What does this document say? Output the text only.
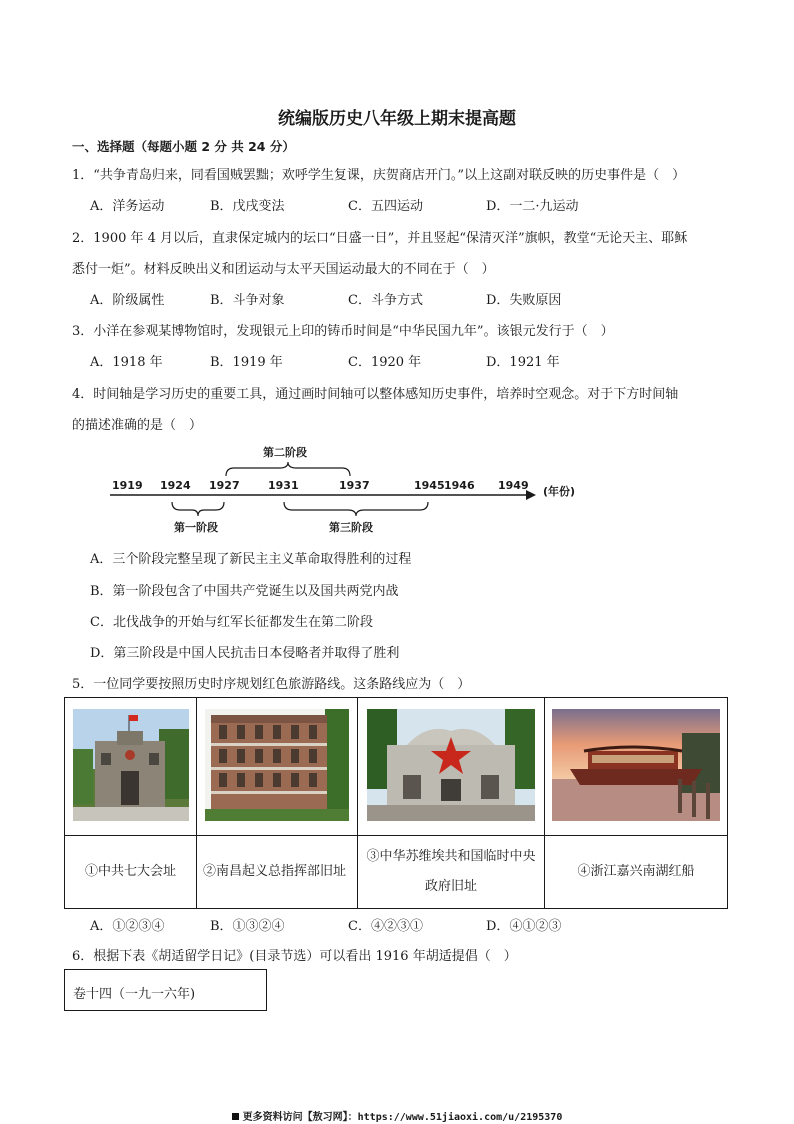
统编版历史八年级上期末提高题
一、选择题（每题小题 2 分 共 24 分）
1．“共争青岛归来，同看国贼罢黜；欢呼学生复课，庆贺商店开门。”以上这副对联反映的历史事件是（　）
A．洋务运动	B．戊戌变法	C．五四运动	D．一二·九运动
2．1900 年 4 月以后，直隶保定城内的坛口“日盛一日”，并且竖起“保清灭洋”旗帜，教堂“无论天主、耶稣
悉付一炬”。材料反映出义和团运动与太平天国运动最大的不同在于（　）
A．阶级属性	B．斗争对象	C．斗争方式	D．失败原因
3．小洋在参观某博物馆时，发现银元上印的铸币时间是“中华民国九年”。该银元发行于（　）
A．1918 年	B．1919 年	C．1920 年	D．1921 年
4．时间轴是学习历史的重要工具，通过画时间轴可以整体感知历史事件，培养时空观念。对于下方时间轴
的描述准确的是（　）
1919 1924 1927	1931	1937	1945 1946 1949 (年份)
第二阶段
第一阶段	第三阶段
A．三个阶段完整呈现了新民主主义革命取得胜利的过程
B．第一阶段包含了中国共产党诞生以及国共两党内战
C．北伐战争的开始与红军长征都发生在第二阶段
D．第三阶段是中国人民抗击日本侵略者并取得了胜利
5．一位同学要按照历史时序规划红色旅游路线。这条路线应为（　）

①中共七大会址	②南昌起义总指挥部旧址	③中华苏维埃共和国临时中央政府旧址	④浙江嘉兴南湖红船
A．①②③④	B．①③②④	C．④②③①	D．④①②③
6．根据下表《胡适留学日记》(目录节选）可以看出 1916 年胡适提倡（　）
卷十四（一九一六年)
更多资料访问【敖习网】：https://www.51jiaoxi.com/u/2195370
